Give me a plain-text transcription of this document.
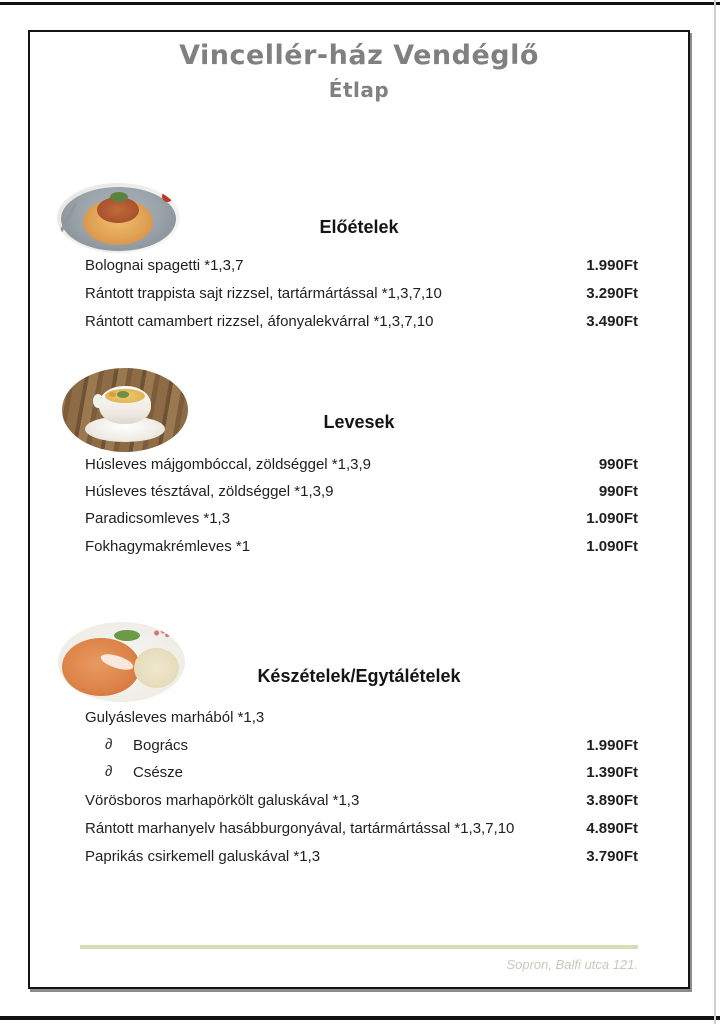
Vincellér-ház Vendéglő
Étlap
Előételek
Bolognai spagetti *1,3,7	1.990Ft
Rántott trappista sajt rizzsel, tartármártással *1,3,7,10	3.290Ft
Rántott camambert rizzsel, áfonyalekvárral *1,3,7,10	3.490Ft
Levesek
Húsleves májgombóccal, zöldséggel *1,3,9	990Ft
Húsleves tésztával, zöldséggel *1,3,9	990Ft
Paradicsomleves *1,3	1.090Ft
Fokhagymakrémleves *1	1.090Ft
Készételek/Egytálételek
Gulyásleves marhából *1,3
∂ Bogrács	1.990Ft
∂ Csésze	1.390Ft
Vörösboros marhapörkölt galuskával *1,3	3.890Ft
Rántott marhanyelv hasábburgonyával, tartármártással *1,3,7,10	4.890Ft
Paprikás csirkemell galuskával *1,3	3.790Ft
Sopron, Balfi utca 121.
